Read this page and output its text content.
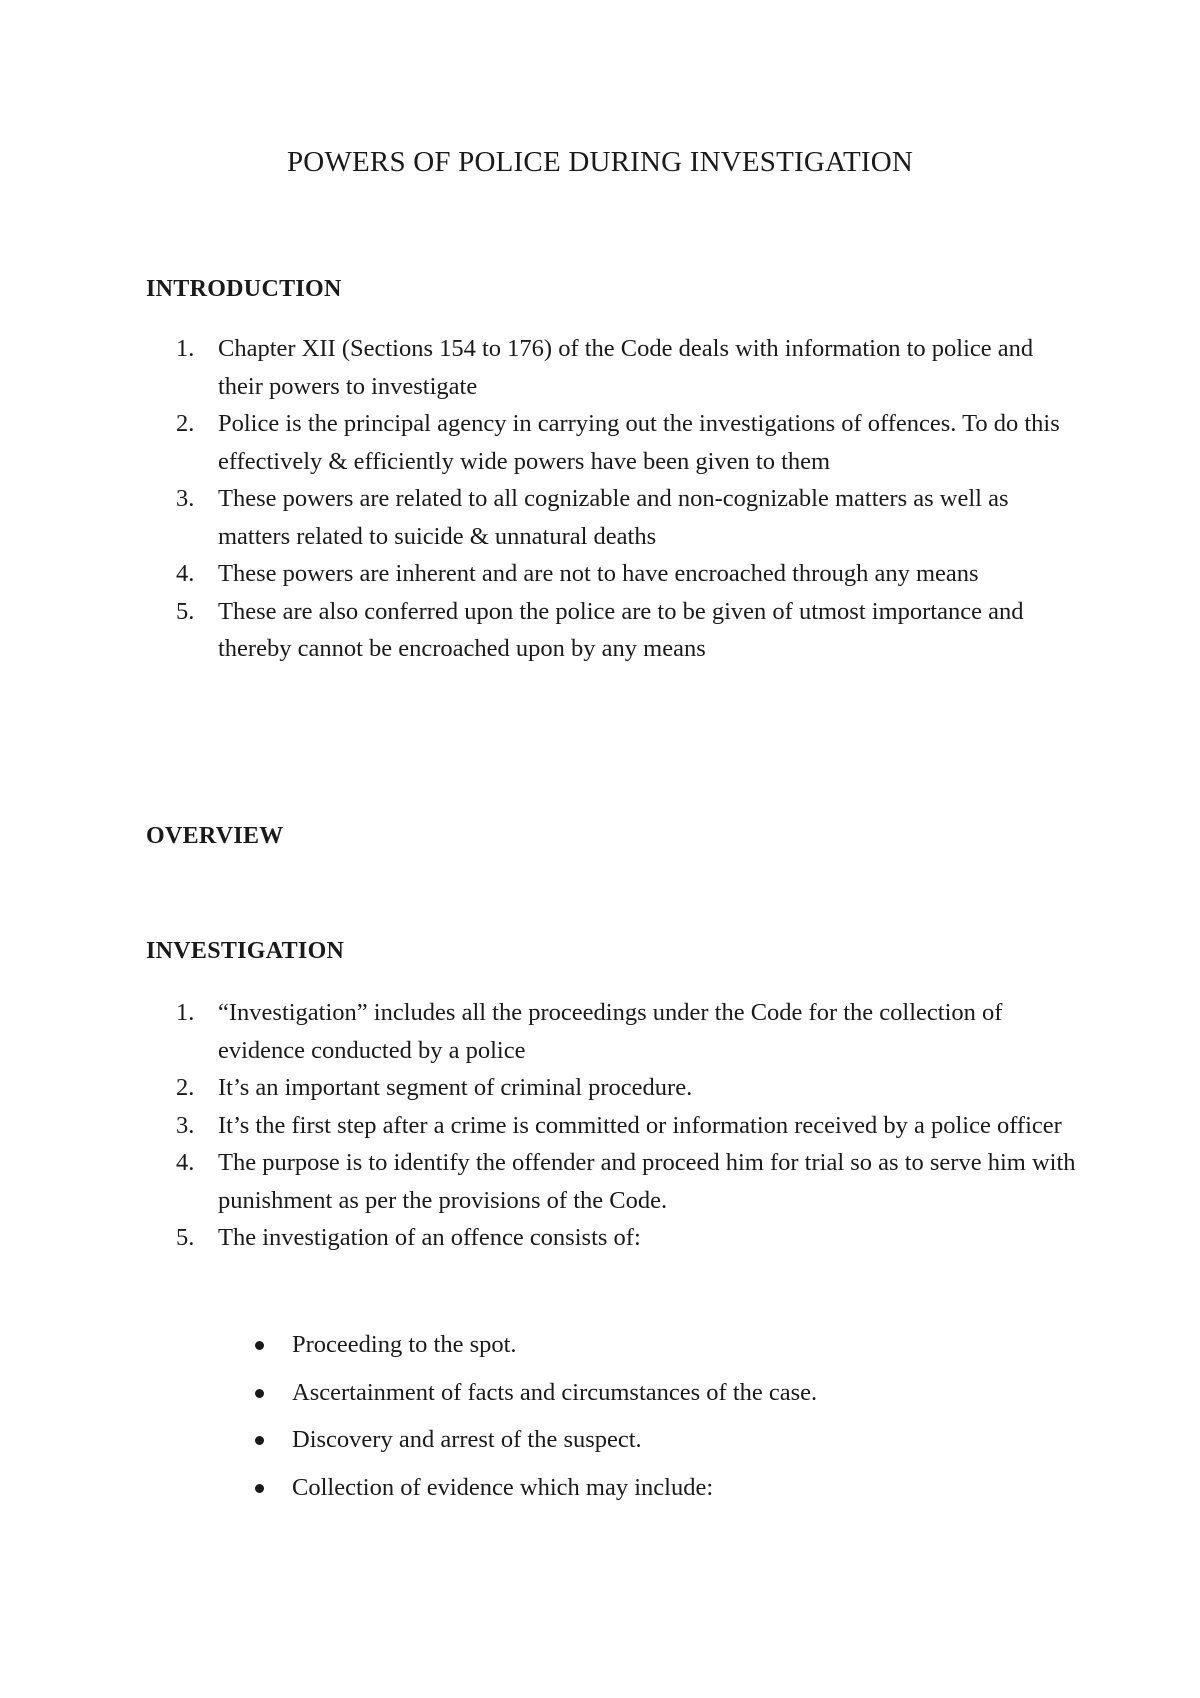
POWERS OF POLICE DURING INVESTIGATION
INTRODUCTION
1. Chapter XII (Sections 154 to 176) of the Code deals with information to police and their powers to investigate
2. Police is the principal agency in carrying out the investigations of offences. To do this effectively & efficiently wide powers have been given to them
3. These powers are related to all cognizable and non-cognizable matters as well as matters related to suicide & unnatural deaths
4. These powers are inherent and are not to have encroached through any means
5. These are also conferred upon the police are to be given of utmost importance and thereby cannot be encroached upon by any means
OVERVIEW
INVESTIGATION
1. “Investigation” includes all the proceedings under the Code for the collection of evidence conducted by a police
2. It’s an important segment of criminal procedure.
3. It’s the first step after a crime is committed or information received by a police officer
4. The purpose is to identify the offender and proceed him for trial so as to serve him with punishment as per the provisions of the Code.
5. The investigation of an offence consists of:
Proceeding to the spot.
Ascertainment of facts and circumstances of the case.
Discovery and arrest of the suspect.
Collection of evidence which may include:
